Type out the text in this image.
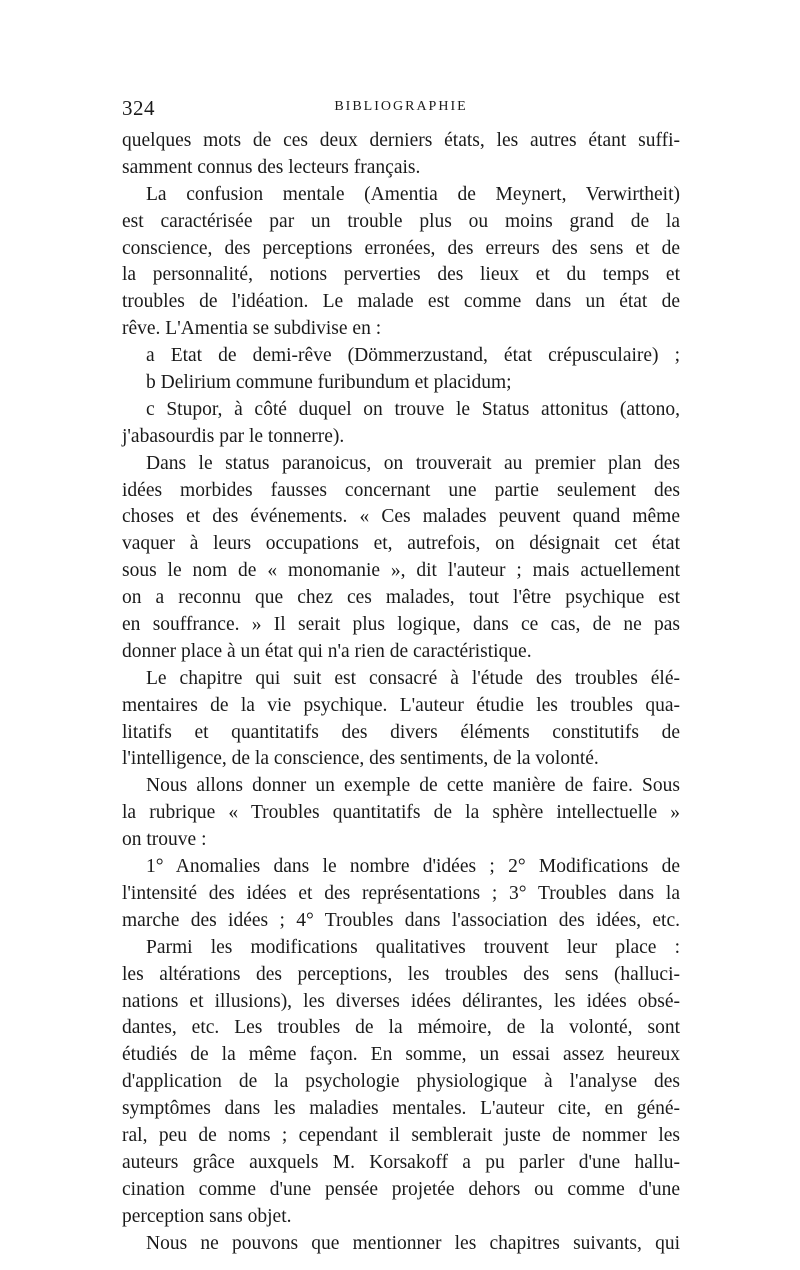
324	BIBLIOGRAPHIE
quelques mots de ces deux derniers états, les autres étant suffi-
samment connus des lecteurs français.
La confusion mentale (Amentia de Meynert, Verwirtheit)
est caractérisée par un trouble plus ou moins grand de la
conscience, des perceptions erronées, des erreurs des sens et de
la personnalité, notions perverties des lieux et du temps et
troubles de l'idéation. Le malade est comme dans un état de
rêve. L'Amentia se subdivise en :
a Etat de demi-rêve (Dömmerzustand, état crépusculaire) ;
b Delirium commune furibundum et placidum;
c Stupor, à côté duquel on trouve le Status attonitus (attono,
j'abasourdis par le tonnerre).
Dans le status paranoicus, on trouverait au premier plan des
idées morbides fausses concernant une partie seulement des
choses et des événements. « Ces malades peuvent quand même
vaquer à leurs occupations et, autrefois, on désignait cet état
sous le nom de « monomanie », dit l'auteur ; mais actuellement
on a reconnu que chez ces malades, tout l'être psychique est
en souffrance. » Il serait plus logique, dans ce cas, de ne pas
donner place à un état qui n'a rien de caractéristique.
Le chapitre qui suit est consacré à l'étude des troubles élé-
mentaires de la vie psychique. L'auteur étudie les troubles qua-
litatifs et quantitatifs des divers éléments constitutifs de
l'intelligence, de la conscience, des sentiments, de la volonté.
Nous allons donner un exemple de cette manière de faire. Sous
la rubrique « Troubles quantitatifs de la sphère intellectuelle »
on trouve :
1° Anomalies dans le nombre d'idées ; 2° Modifications de
l'intensité des idées et des représentations ; 3° Troubles dans la
marche des idées ; 4° Troubles dans l'association des idées, etc.
Parmi les modifications qualitatives trouvent leur place :
les altérations des perceptions, les troubles des sens (halluci-
nations et illusions), les diverses idées délirantes, les idées obsé-
dantes, etc. Les troubles de la mémoire, de la volonté, sont
étudiés de la même façon. En somme, un essai assez heureux
d'application de la psychologie physiologique à l'analyse des
symptômes dans les maladies mentales. L'auteur cite, en géné-
ral, peu de noms ; cependant il semblerait juste de nommer les
auteurs grâce auxquels M. Korsakoff a pu parler d'une hallu-
cination comme d'une pensée projetée dehors ou comme d'une
perception sans objet.
Nous ne pouvons que mentionner les chapitres suivants, qui
